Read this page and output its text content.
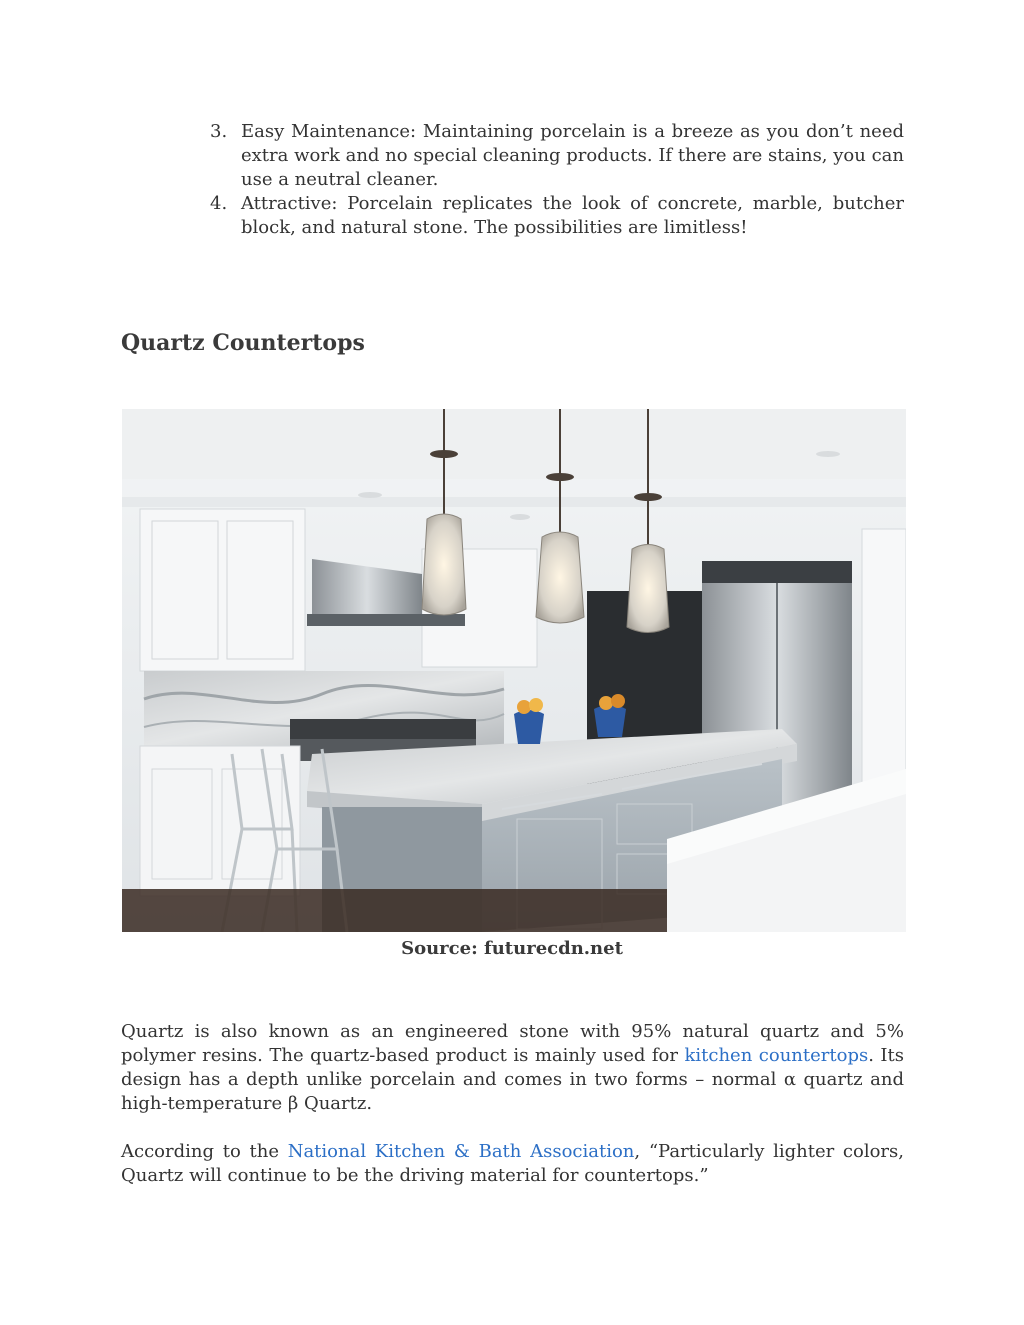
3. Easy Maintenance: Maintaining porcelain is a breeze as you don’t need extra work and no special cleaning products. If there are stains, you can use a neutral cleaner.
4. Attractive: Porcelain replicates the look of concrete, marble, butcher block, and natural stone. The possibilities are limitless!
Quartz Countertops
Source: futurecdn.net

Quartz is also known as an engineered stone with 95% natural quartz and 5% polymer resins. The quartz-based product is mainly used for kitchen countertops. Its design has a depth unlike porcelain and comes in two forms – normal α quartz and high-temperature β Quartz.

According to the National Kitchen & Bath Association, “Particularly lighter colors, Quartz will continue to be the driving material for countertops.”
